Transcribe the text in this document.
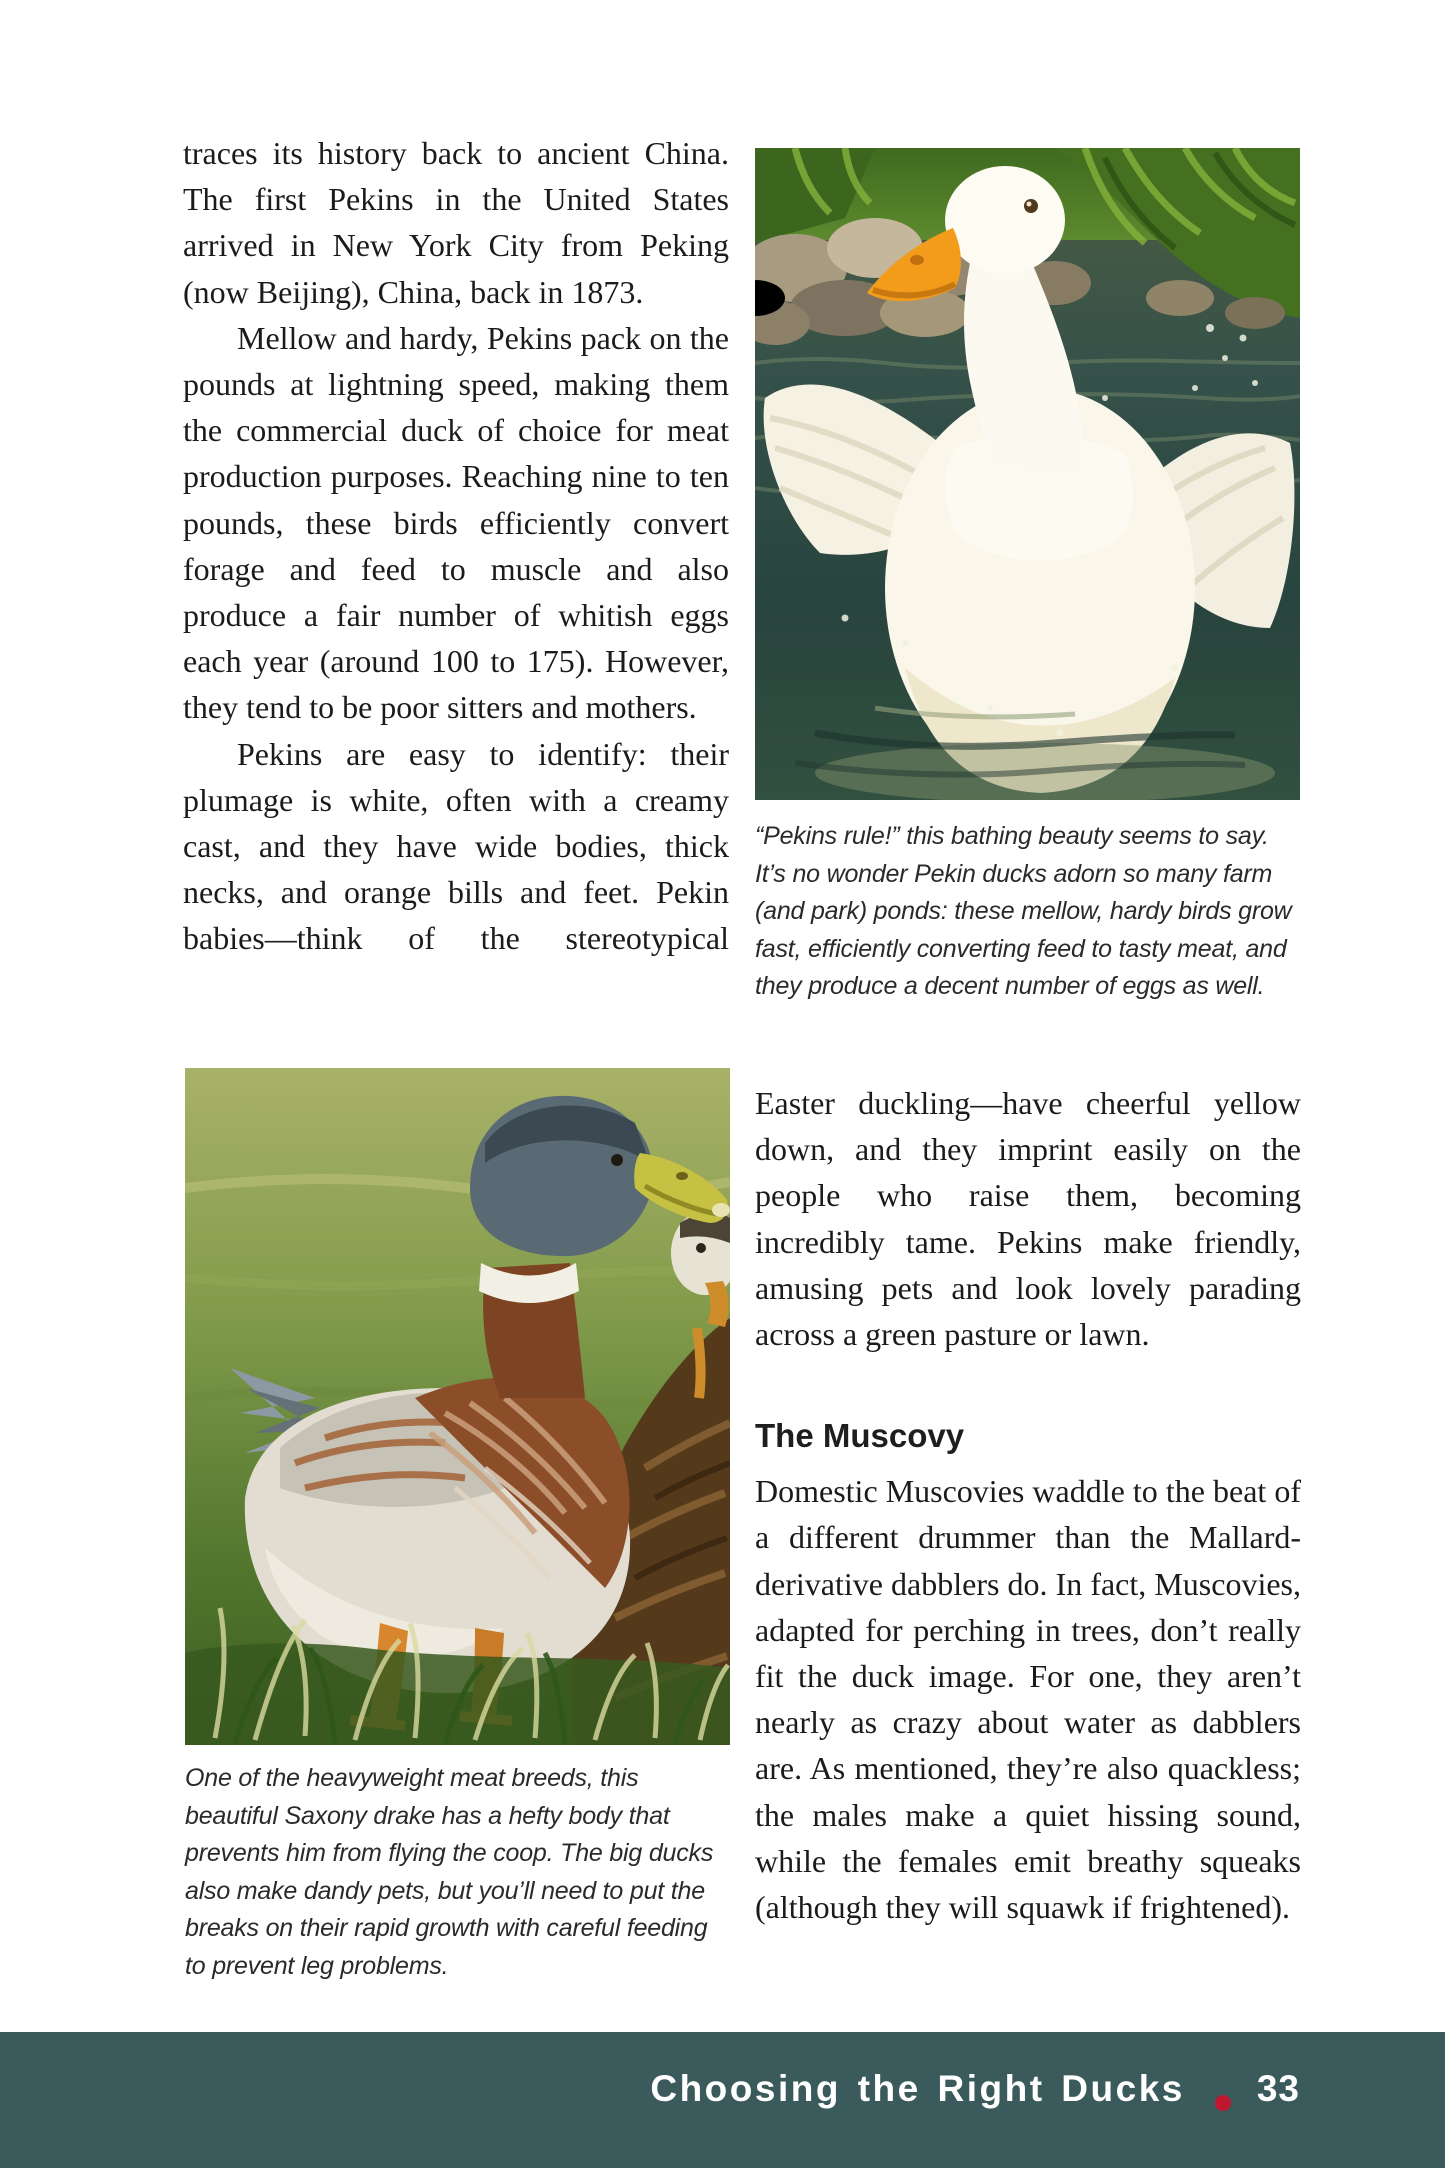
traces its history back to ancient China. The first Pekins in the United States arrived in New York City from Peking (now Beijing), China, back in 1873.

Mellow and hardy, Pekins pack on the pounds at lightning speed, making them the commercial duck of choice for meat production purposes. Reaching nine to ten pounds, these birds efficiently convert forage and feed to muscle and also produce a fair number of whitish eggs each year (around 100 to 175). However, they tend to be poor sitters and mothers.

Pekins are easy to identify: their plumage is white, often with a creamy cast, and they have wide bodies, thick necks, and orange bills and feet. Pekin babies—think of the stereotypical

“Pekins rule!” this bathing beauty seems to say. It’s no wonder Pekin ducks adorn so many farm (and park) ponds: these mellow, hardy birds grow fast, efficiently converting feed to tasty meat, and they produce a decent number of eggs as well.
One of the heavyweight meat breeds, this beautiful Saxony drake has a hefty body that prevents him from flying the coop. The big ducks also make dandy pets, but you’ll need to put the breaks on their rapid growth with careful feeding to prevent leg problems.

Easter duckling—have cheerful yellow down, and they imprint easily on the people who raise them, becoming incredibly tame. Pekins make friendly, amusing pets and look lovely parading across a green pasture or lawn.

The Muscovy

Domestic Muscovies waddle to the beat of a different drummer than the Mallard-derivative dabblers do. In fact, Muscovies, adapted for perching in trees, don’t really fit the duck image. For one, they aren’t nearly as crazy about water as dabblers are. As mentioned, they’re also quackless; the males make a quiet hissing sound, while the females emit breathy squeaks (although they will squawk if frightened).

Choosing the Right Ducks 33
